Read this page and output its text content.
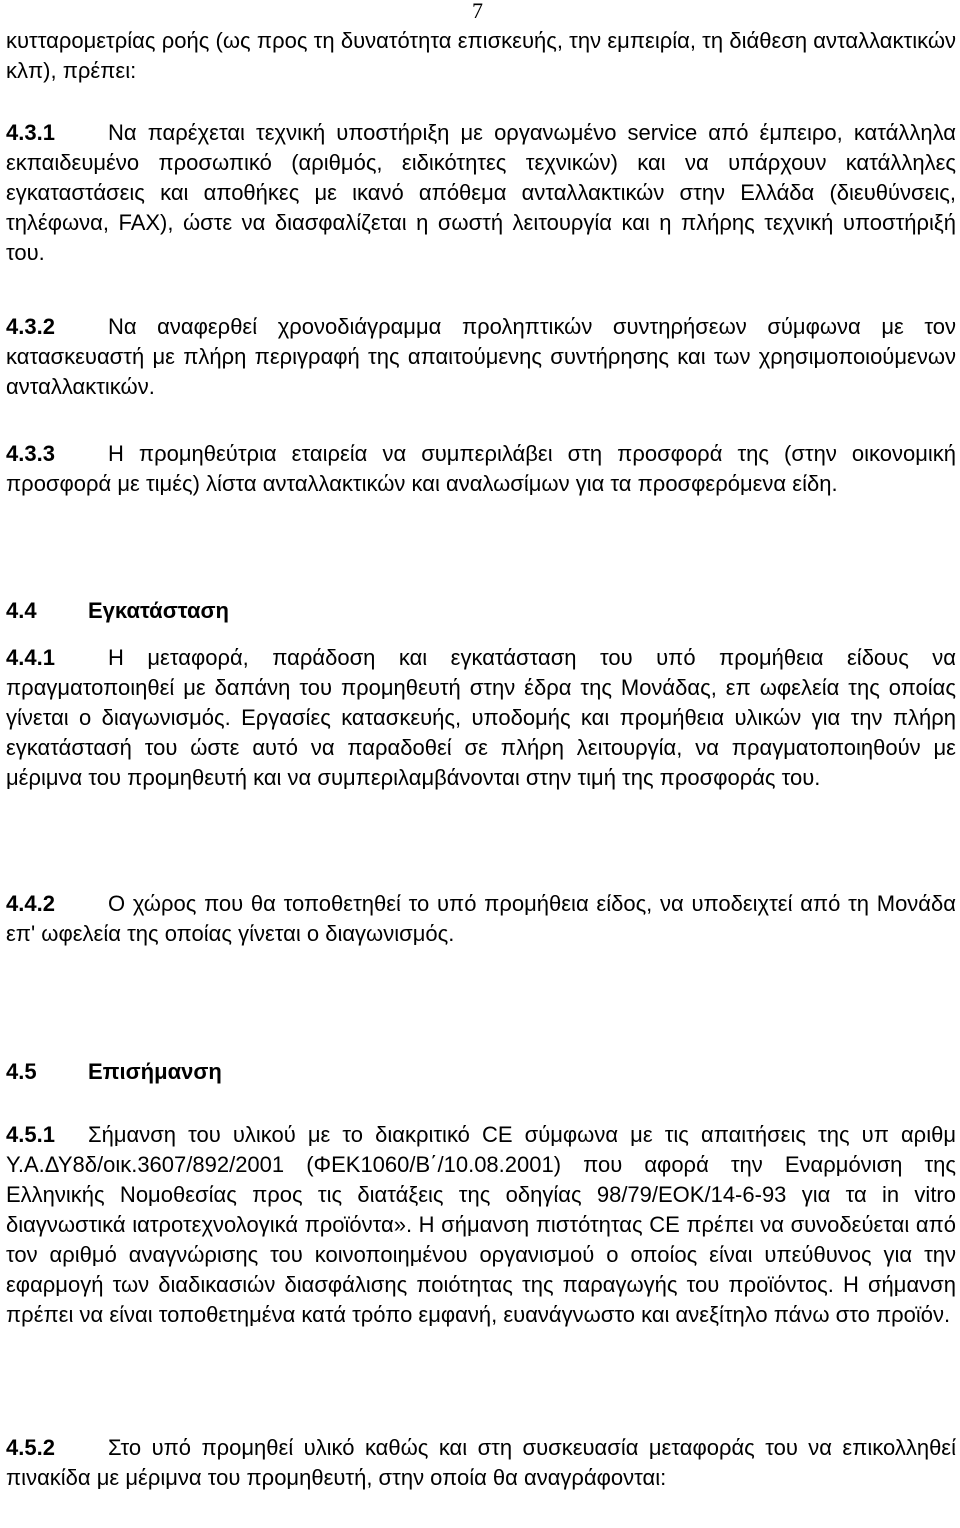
7

κυτταρομετρίας ροής (ως προς τη δυνατότητα επισκευής, την εμπειρία, τη διάθεση ανταλλακτικών κλπ), πρέπει:

4.3.1 Να παρέχεται τεχνική υποστήριξη με οργανωμένο service από έμπειρο, κατάλληλα εκπαιδευμένο προσωπικό (αριθμός, ειδικότητες τεχνικών) και να υπάρχουν κατάλληλες εγκαταστάσεις και αποθήκες με ικανό απόθεμα ανταλλακτικών στην Ελλάδα (διευθύνσεις, τηλέφωνα, FAX), ώστε να διασφαλίζεται η σωστή λειτουργία και η πλήρης τεχνική υποστήριξή του.

4.3.2 Να αναφερθεί χρονοδιάγραμμα προληπτικών συντηρήσεων σύμφωνα με τον κατασκευαστή με πλήρη περιγραφή της απαιτούμενης συντήρησης και των χρησιμοποιούμενων ανταλλακτικών.

4.3.3 Η προμηθεύτρια εταιρεία να συμπεριλάβει στη προσφορά της (στην οικονομική προσφορά με τιμές) λίστα ανταλλακτικών και αναλωσίμων για τα προσφερόμενα είδη.

4.4 Εγκατάσταση

4.4.1 Η μεταφορά, παράδοση και εγκατάσταση του υπό προμήθεια είδους να πραγματοποιηθεί με δαπάνη του προμηθευτή στην έδρα της Μονάδας, επ ωφελεία της οποίας γίνεται ο διαγωνισμός. Εργασίες κατασκευής, υποδομής και προμήθεια υλικών για την πλήρη εγκατάστασή του ώστε αυτό να παραδοθεί σε πλήρη λειτουργία, να πραγματοποιηθούν με μέριμνα του προμηθευτή και να συμπεριλαμβάνονται στην τιμή της προσφοράς του.

4.4.2 Ο χώρος που θα τοποθετηθεί το υπό προμήθεια είδος, να υποδειχτεί από τη Μονάδα επ' ωφελεία της οποίας γίνεται ο διαγωνισμός.

4.5 Επισήμανση

4.5.1 Σήμανση του υλικού με το διακριτικό CE σύμφωνα με τις απαιτήσεις της υπ αριθμ Υ.Α.ΔΥ8δ/οικ.3607/892/2001 (ΦΕΚ1060/Β΄/10.08.2001) που αφορά την Εναρμόνιση της Ελληνικής Νομοθεσίας προς τις διατάξεις της οδηγίας 98/79/ΕΟΚ/14-6-93 για τα in vitro διαγνωστικά ιατροτεχνολογικά προϊόντα». Η σήμανση πιστότητας CE πρέπει να συνοδεύεται από τον αριθμό αναγνώρισης του κοινοποιημένου οργανισμού ο οποίος είναι υπεύθυνος για την εφαρμογή των διαδικασιών διασφάλισης ποιότητας της παραγωγής του προϊόντος. Η σήμανση πρέπει να είναι τοποθετημένα κατά τρόπο εμφανή, ευανάγνωστο και ανεξίτηλο πάνω στο προϊόν.

4.5.2 Στο υπό προμηθεί υλικό καθώς και στη συσκευασία μεταφοράς του να επικολληθεί πινακίδα με μέριμνα του προμηθευτή, στην οποία θα αναγράφονται:
